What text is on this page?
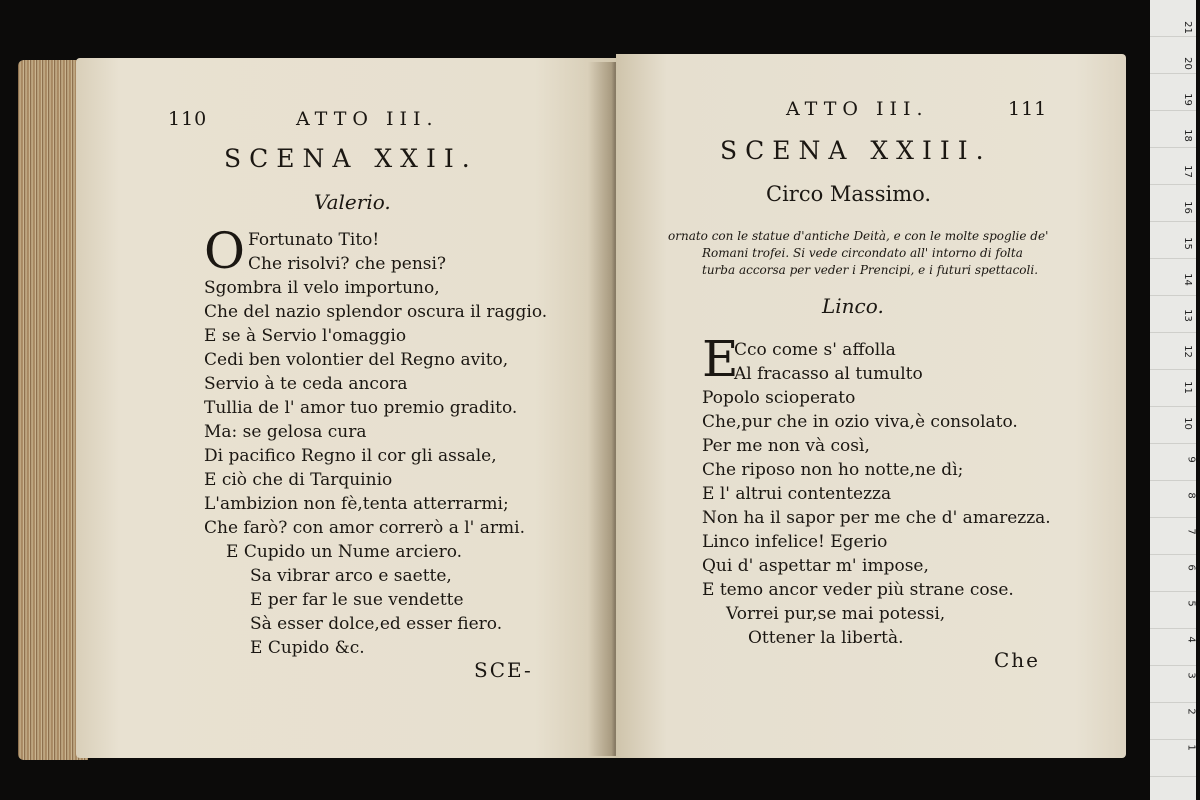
110	ATTO III.
SCENA XXII.
Valerio.
O Fortunato Tito!
Che risolvi? che pensi?
Sgombra il velo importuno,
Che del nazio splendor oscura il raggio.
E se à Servio l'omaggio
Cedi ben volontier del Regno avito,
Servio à te ceda ancora
Tullia de l' amor tuo premio gradito.
Ma: se gelosa cura
Di pacifico Regno il cor gli assale,
E ciò che di Tarquinio
L'ambizion non fè,tenta atterrarmi;
Che farò? con amor correrò a l' armi.
E Cupido un Nume arciero.
Sa vibrar arco e saette,
E per far le sue vendette
Sà esser dolce,ed esser fiero.
E Cupido &c.
SCE-
ATTO III.	111
SCENA XXIII.
Circo Massimo.
ornato con le statue d'antiche Deità, e con le molte spoglie de'
Romani trofei. Si vede circondato all' intorno di folta
turba accorsa per veder i Prencipi, e i futuri spettacoli.
Linco.
E
Cco come s' affolla
Al fracasso al tumulto
Popolo scioperato
Che,pur che in ozio viva,è consolato.
Per me non và così,
Che riposo non ho notte,ne dì;
E l' altrui contentezza
Non ha il sapor per me che d' amarezza.
Linco infelice! Egerio
Qui d' aspettar m' impose,
E temo ancor veder più strane cose.
Vorrei pur,se mai potessi,
Ottener la libertà.
Che
21
20
19
18
17
16
15
14
13
12
11
10
9
8
7
6
5
4
3
2
1
